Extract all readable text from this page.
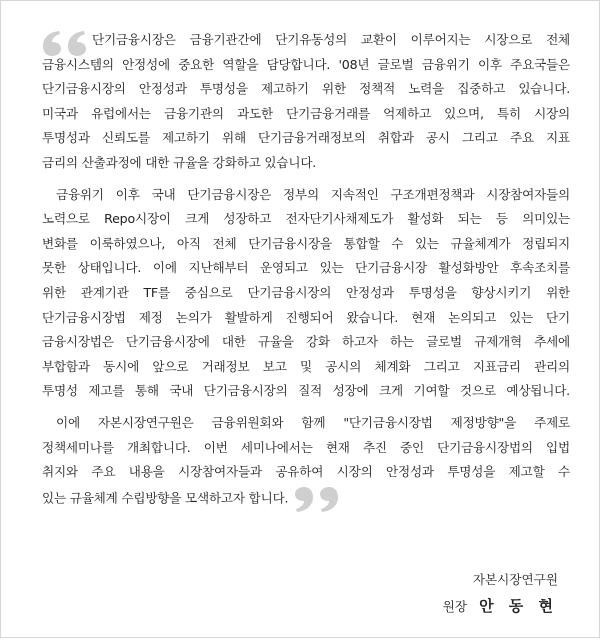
단기금융시장은 금융기관간에 단기유동성의 교환이 이루어지는 시장으로 전체
금융시스템의 안정성에 중요한 역할을 담당합니다. '08년 글로벌 금융위기 이후 주요국들은
단기금융시장의 안정성과 투명성을 제고하기 위한 정책적 노력을 집중하고 있습니다.
미국과 유럽에서는 금융기관의 과도한 단기금융거래를 억제하고 있으며, 특히 시장의
투명성과 신뢰도를 제고하기 위해 단기금융거래정보의 취합과 공시 그리고 주요 지표
금리의 산출과정에 대한 규율을 강화하고 있습니다.

금융위기 이후 국내 단기금융시장은 정부의 지속적인 구조개편정책과 시장참여자들의
노력으로 Repo시장이 크게 성장하고 전자단기사채제도가 활성화 되는 등 의미있는
변화를 이룩하였으나, 아직 전체 단기금융시장을 통합할 수 있는 규율체계가 정립되지
못한 상태입니다. 이에 지난해부터 운영되고 있는 단기금융시장 활성화방안 후속조치를
위한 관계기관 TF를 중심으로 단기금융시장의 안정성과 투명성을 향상시키기 위한
단기금융시장법 제정 논의가 활발하게 진행되어 왔습니다. 현재 논의되고 있는 단기
금융시장법은 단기금융시장에 대한 규율을 강화 하고자 하는 글로벌 규제개혁 추세에
부합함과 동시에 앞으로 거래정보 보고 및 공시의 체계화 그리고 지표금리 관리의
투명성 제고를 통해 국내 단기금융시장의 질적 성장에 크게 기여할 것으로 예상됩니다.

이에 자본시장연구원은 금융위원회와 함께 "단기금융시장법 제정방향"을 주제로
정책세미나를 개최합니다. 이번 세미나에서는 현재 추진 중인 단기금융시장법의 입법
취지와 주요 내용을 시장참여자들과 공유하여 시장의 안정성과 투명성을 제고할 수
있는 규율체계 수립방향을 모색하고자 합니다.

자본시장연구원
원장 안 동 현
